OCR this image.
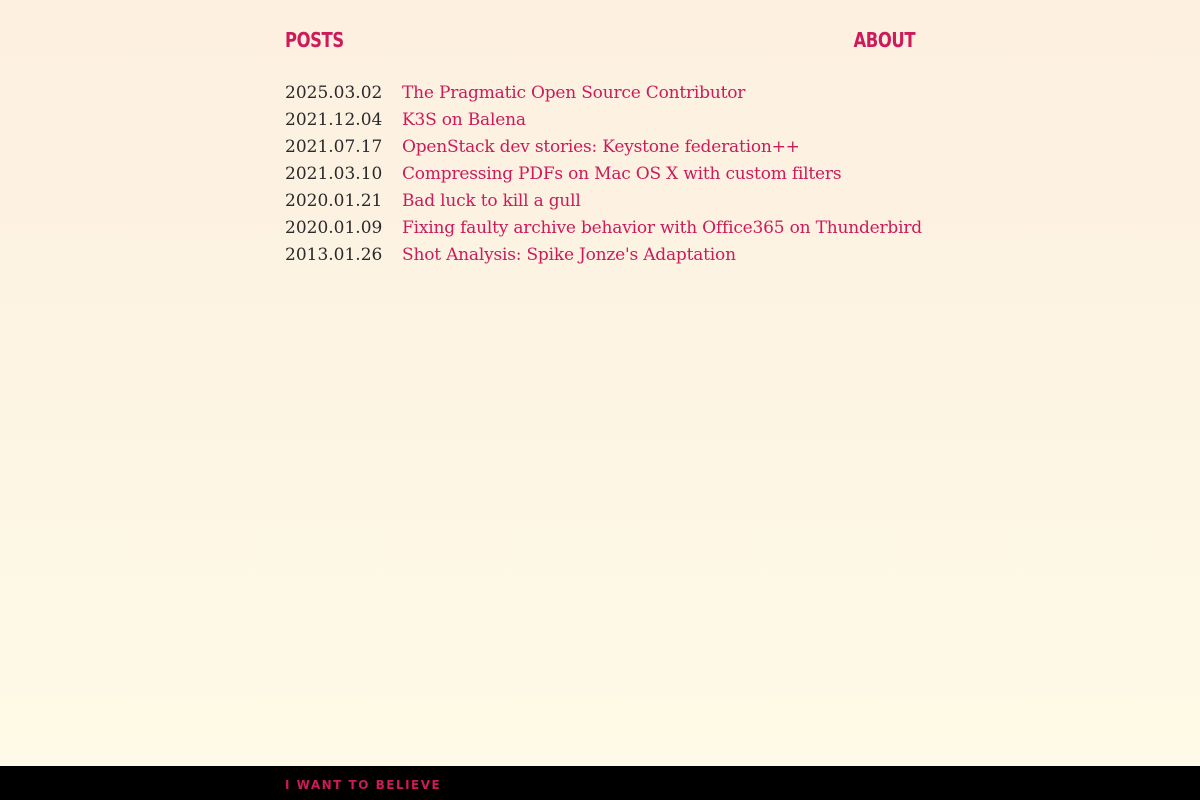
POSTS	ABOUT
2025.03.02	The Pragmatic Open Source Contributor
2021.12.04	K3S on Balena
2021.07.17	OpenStack dev stories: Keystone federation++
2021.03.10	Compressing PDFs on Mac OS X with custom filters
2020.01.21	Bad luck to kill a gull
2020.01.09	Fixing faulty archive behavior with Office365 on Thunderbird
2013.01.26	Shot Analysis: Spike Jonze's Adaptation
I WANT TO BELIEVE
